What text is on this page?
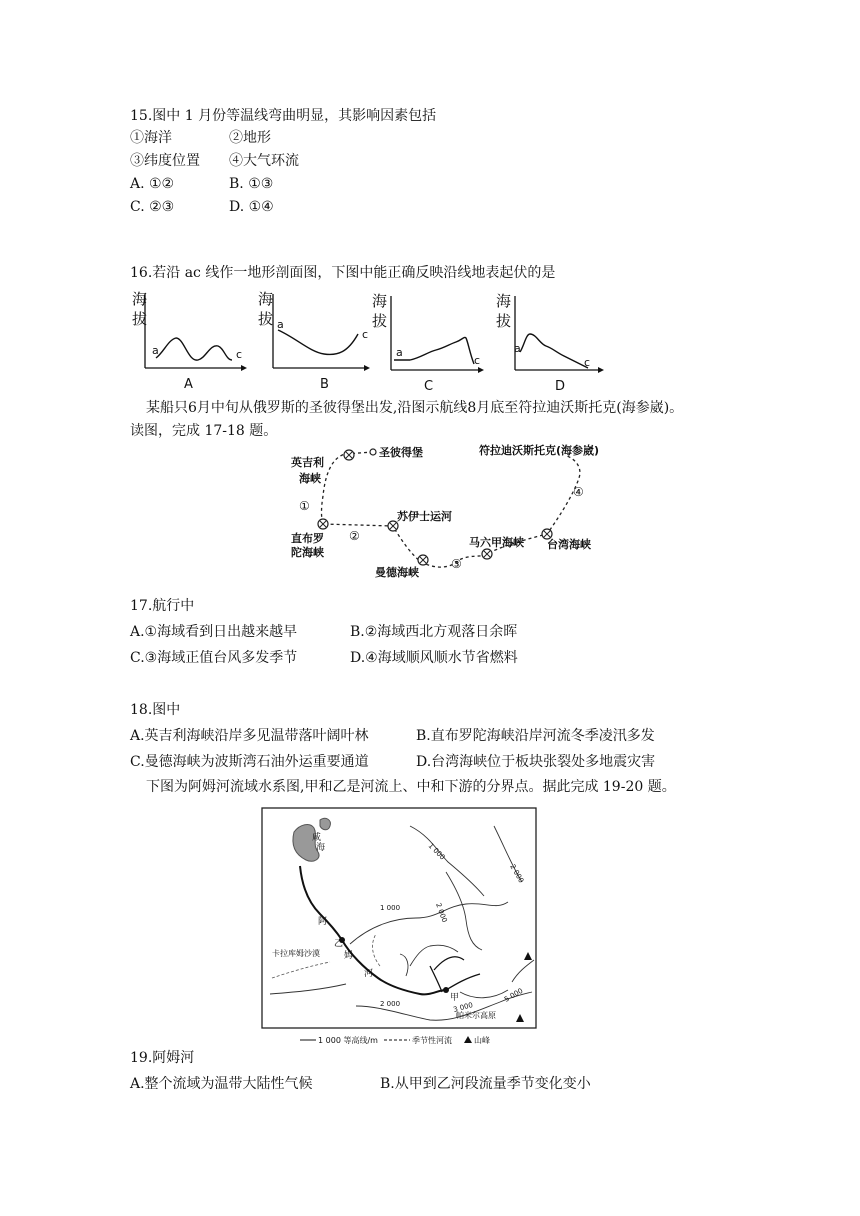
15.图中 1 月份等温线弯曲明显，其影响因素包括
①海洋	②地形
③纬度位置 ④大气环流
A. ①②	B. ①③
C. ②③	D. ①④
16.若沿 ac 线作一地形剖面图，下图中能正确反映沿线地表起伏的是
海
拔
a	c
A
海
拔 a
c
B
海
拔
a
c
C
海
拔
a
c
D
某船只6月中旬从俄罗斯的圣彼得堡出发,沿图示航线8月底至符拉迪沃斯托克(海参崴)。
读图，完成 17-18 题。
圣彼得堡
英吉利
海峡
①
直布罗
陀海峡
②
苏伊士运河
曼德海峡
③
马六甲海峡 台湾海峡
④
符拉迪沃斯托克(海参崴)
17.航行中
A.①海域看到日出越来越早	B.②海域西北方观落日余晖
C.③海域正值台风多发季节	D.④海域顺风顺水节省燃料
18.图中
A.英吉利海峡沿岸多见温带落叶阔叶林	B.直布罗陀海峡沿岸河流冬季凌汛多发
C.曼德海峡为波斯湾石油外运重要通道	D.台湾海峡位于板块张裂处多地震灾害
下图为阿姆河流域水系图,甲和乙是河流上、中和下游的分界点。据此完成 19-20 题。
咸
海
阿
乙
姆
河
卡拉库姆沙漠
甲
帕米尔高原
1 000
1 000	2 000
2 000
2 000	3 000
5 000
1 000 等高线/m	季节性河流	山峰
19.阿姆河
A.整个流域为温带大陆性气候	B.从甲到乙河段流量季节变化变小
